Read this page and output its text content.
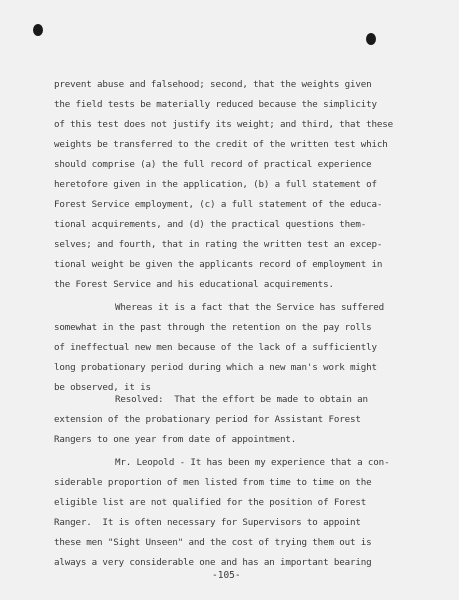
prevent abuse and falsehood; second, that the weights given
the field tests be materially reduced because the simplicity
of this test does not justify its weight; and third, that these
weights be transferred to the credit of the written test which
should comprise (a) the full record of practical experience
heretofore given in the application, (b) a full statement of
Forest Service employment, (c) a full statement of the educa-
tional acquirements, and (d) the practical questions them-
selves; and fourth, that in rating the written test an excep-
tional weight be given the applicants record of employment in
the Forest Service and his educational acquirements.
Whereas it is a fact that the Service has suffered
somewhat in the past through the retention on the pay rolls
of ineffectual new men because of the lack of a sufficiently
long probationary period during which a new man's work might
be observed, it is
Resolved:  That the effort be made to obtain an
extension of the probationary period for Assistant Forest
Rangers to one year from date of appointment.
Mr. Leopold - It has been my experience that a con-
siderable proportion of men listed from time to time on the
eligible list are not qualified for the position of Forest
Ranger.  It is often necessary for Supervisors to appoint
these men "Sight Unseen" and the cost of trying them out is
always a very considerable one and has an important bearing
-105-
